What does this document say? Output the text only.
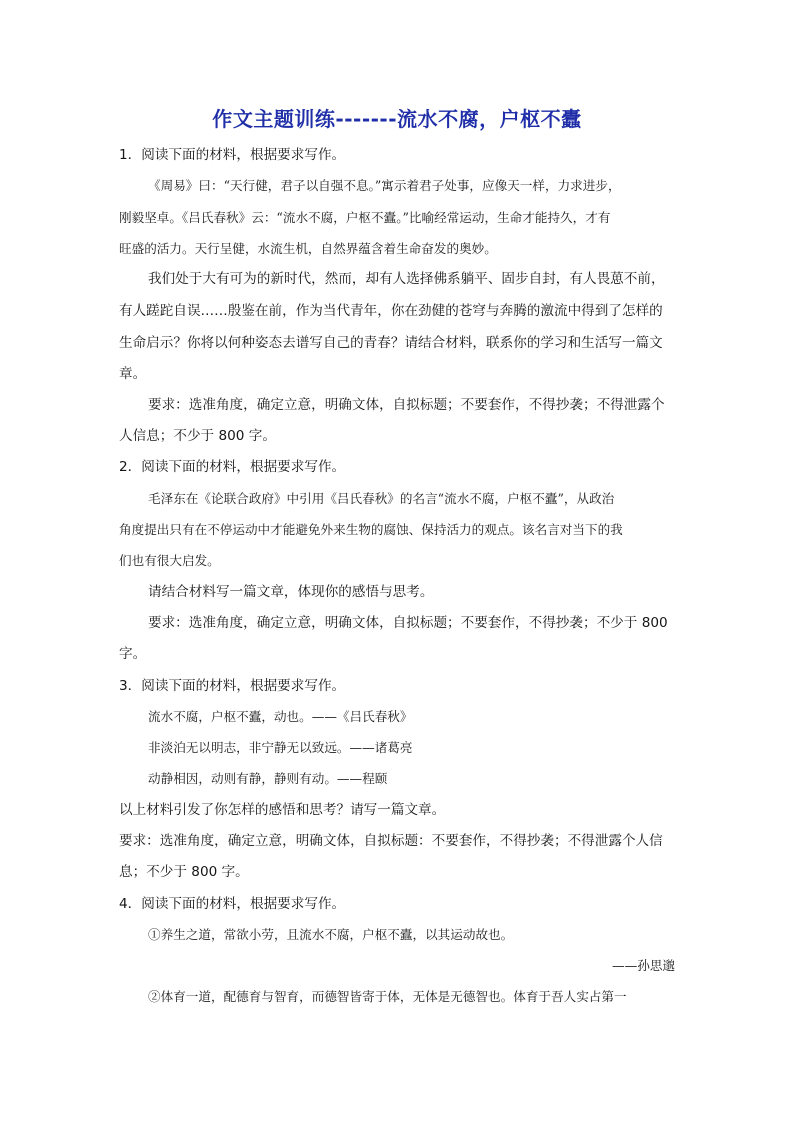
作文主题训练-------流水不腐，户枢不蠹
1．阅读下面的材料，根据要求写作。
《周易》曰：“天行健，君子以自强不息。”寓示着君子处事，应像天一样，力求进步，
刚毅坚卓。《吕氏春秋》云：“流水不腐，户枢不蠹。”比喻经常运动，生命才能持久，才有
旺盛的活力。天行呈健，水流生机，自然界蕴含着生命奋发的奥妙。
我们处于大有可为的新时代，然而，却有人选择佛系躺平、固步自封，有人畏葸不前，
有人蹉跎自误……殷鉴在前，作为当代青年，你在劲健的苍穹与奔腾的激流中得到了怎样的
生命启示？你将以何种姿态去谱写自己的青春？请结合材料，联系你的学习和生活写一篇文
章。
要求：选准角度，确定立意，明确文体，自拟标题；不要套作，不得抄袭；不得泄露个
人信息；不少于 800 字。
2．阅读下面的材料，根据要求写作。
毛泽东在《论联合政府》中引用《吕氏春秋》的名言“流水不腐，户枢不蠹”，从政治
角度提出只有在不停运动中才能避免外来生物的腐蚀、保持活力的观点。该名言对当下的我
们也有很大启发。
请结合材料写一篇文章，体现你的感悟与思考。
要求：选准角度，确定立意，明确文体，自拟标题；不要套作，不得抄袭；不少于 800
字。
3．阅读下面的材料，根据要求写作。
流水不腐，户枢不蠹，动也。——《吕氏春秋》
非淡泊无以明志，非宁静无以致远。——诸葛亮
动静相因，动则有静，静则有动。——程颐
以上材料引发了你怎样的感悟和思考？请写一篇文章。
要求：选准角度，确定立意，明确文体，自拟标题：不要套作，不得抄袭；不得泄露个人信
息；不少于 800 字。
4．阅读下面的材料，根据要求写作。
①养生之道，常欲小劳，且流水不腐，户枢不蠹，以其运动故也。
——孙思邈
②体育一道，配德育与智育，而德智皆寄于体，无体是无德智也。体育于吾人实占第一
